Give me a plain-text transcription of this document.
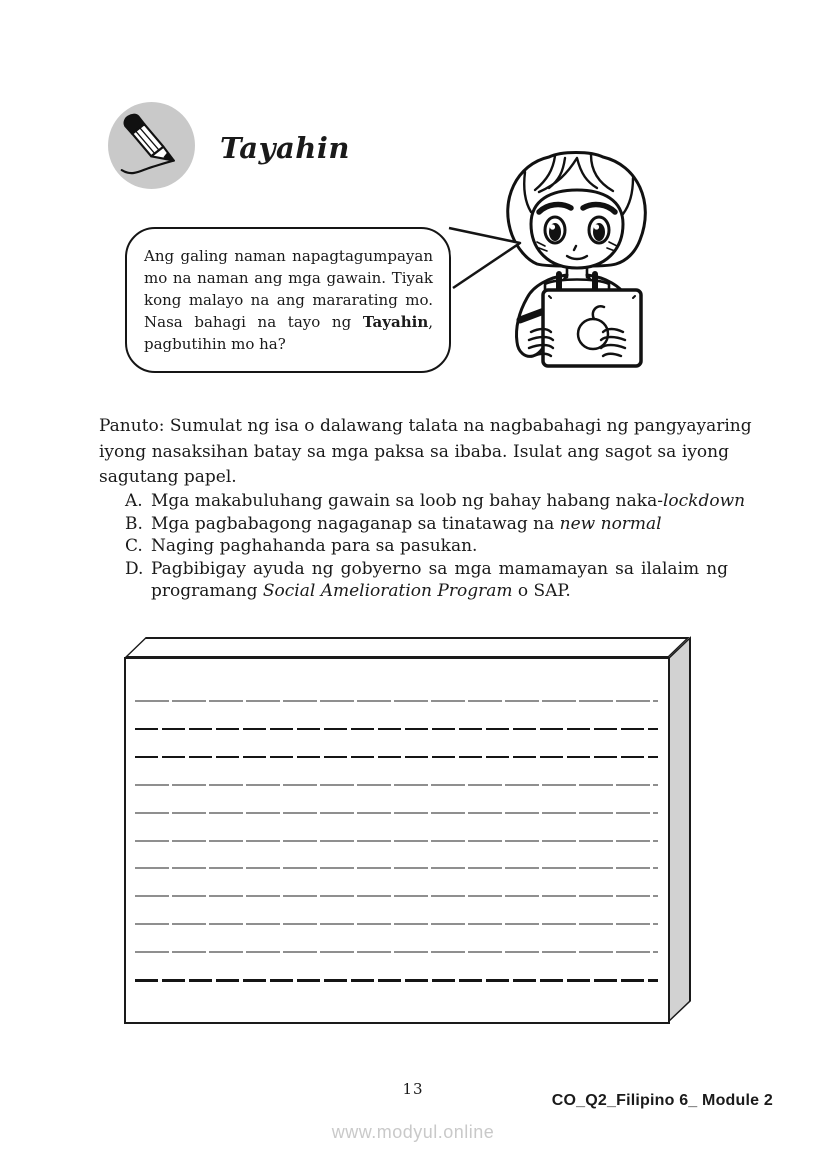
Tayahin
Ang galing naman napagtagumpayan
mo na naman ang mga gawain. Tiyak
kong malayo na ang mararating mo.
Nasa bahagi na tayo ng Tayahin,
pagbutihin mo ha?
Panuto: Sumulat ng isa o dalawang talata na nagbabahagi ng pangyayaring
iyong nasaksihan batay sa mga paksa sa ibaba. Isulat ang sagot sa iyong
sagutang papel.
A. Mga makabuluhang gawain sa loob ng bahay habang naka-lockdown
B. Mga pagbabagong nagaganap sa tinatawag na new normal
C. Naging paghahanda para sa pasukan.
D. Pagbibigay ayuda ng gobyerno sa mga mamamayan sa ilalaim ng
programang Social Amelioration Program o SAP.
13
CO_Q2_Filipino 6_ Module 2
www.modyul.online
